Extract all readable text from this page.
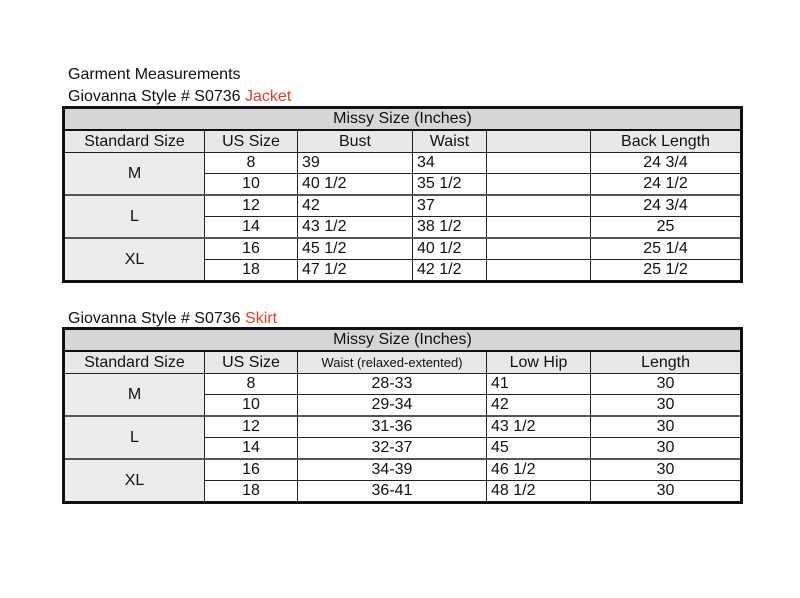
Garment Measurements
Giovanna Style # S0736 Jacket
Missy Size (Inches)					
Standard Size	US Size	Bust	Waist		Back Length
M	8	39	34		24 3/4
	10	40 1/2	35 1/2		24 1/2
L	12	42	37		24 3/4
	14	43 1/2	38 1/2		25
XL	16	45 1/2	40 1/2		25 1/4
	18	47 1/2	42 1/2		25 1/2
Giovanna Style # S0736 Skirt
Missy Size (Inches)				
Standard Size	US Size	Waist (relaxed-extented)	Low Hip	Length
M	8	28-33	41	30
	10	29-34	42	30
L	12	31-36	43 1/2	30
	14	32-37	45	30
XL	16	34-39	46 1/2	30
	18	36-41	48 1/2	30
